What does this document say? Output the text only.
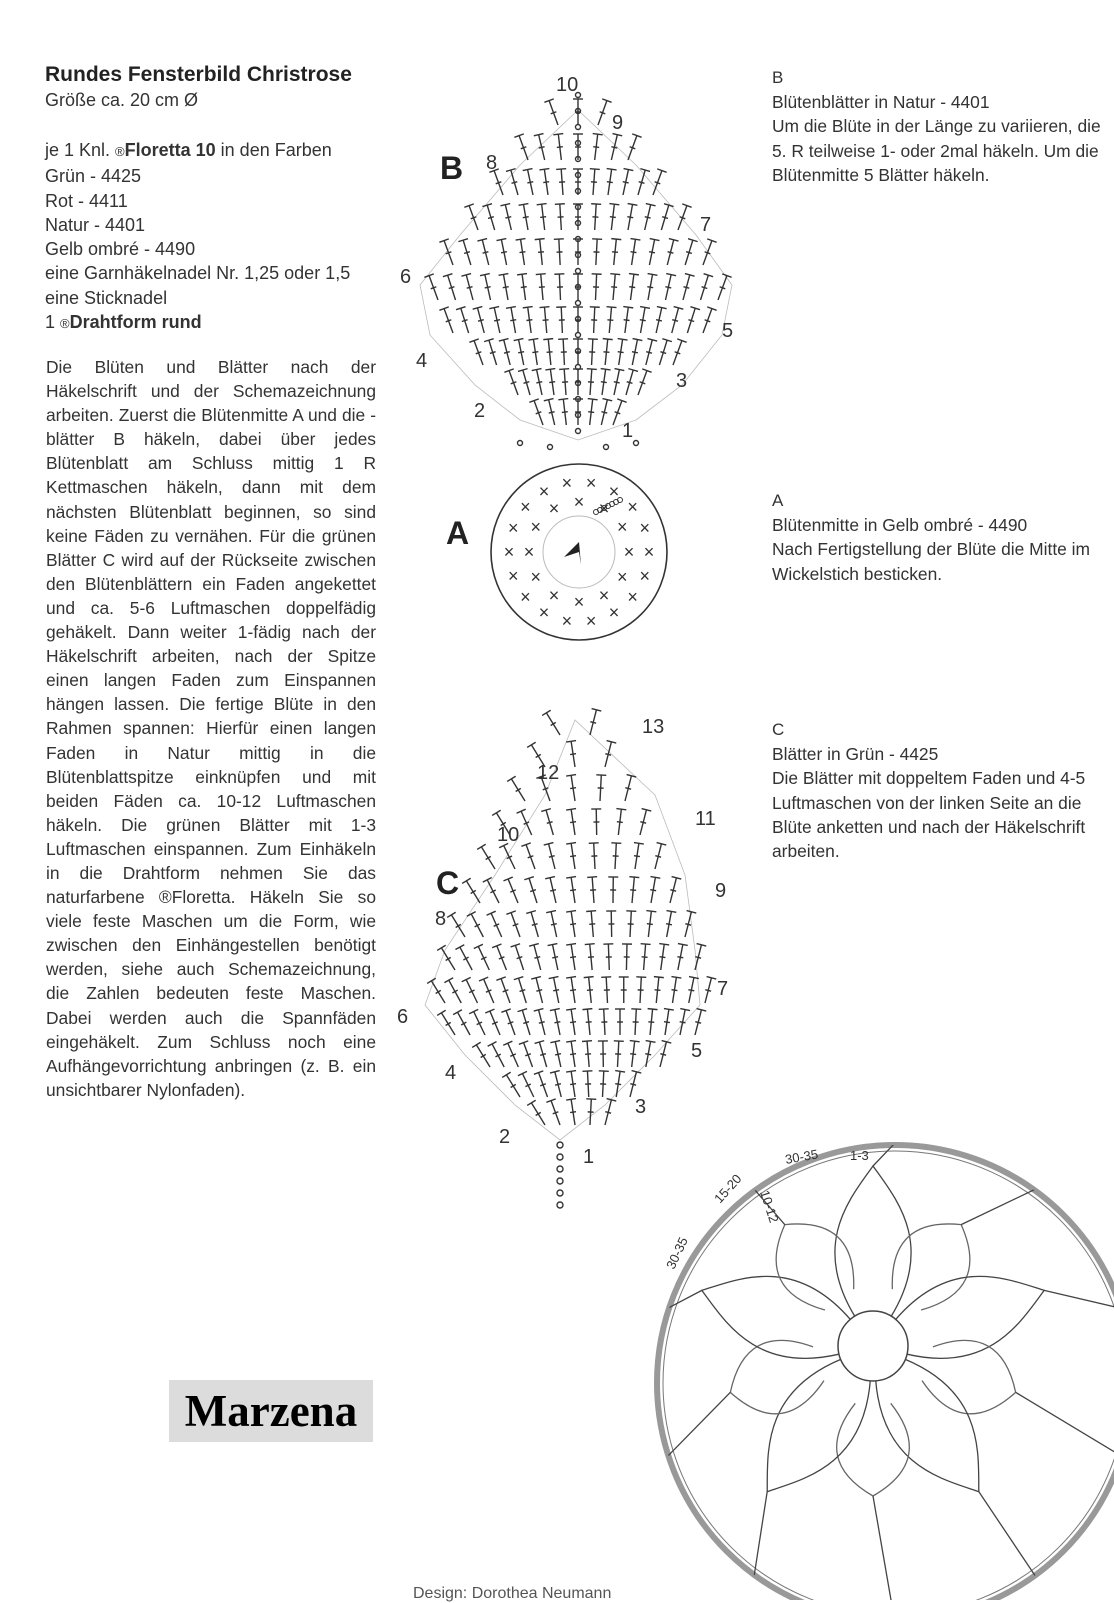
Rundes Fensterbild Christrose
Größe ca. 20 cm Ø
je 1 Knl. ®Floretta 10 in den Farben
Grün - 4425
Rot - 4411
Natur - 4401
Gelb ombré - 4490
eine Garnhäkelnadel Nr. 1,25 oder 1,5
eine Sticknadel
1 ®Drahtform rund
Die Blüten und Blätter nach der Häkelschrift und der Schemazeichnung arbeiten. Zuerst die Blütenmitte A und die -blätter B häkeln, dabei über jedes Blütenblatt am Schluss mittig 1 R Kettmaschen häkeln, dann mit dem nächsten Blütenblatt beginnen, so sind keine Fäden zu vernähen. Für die grünen Blätter C wird auf der Rückseite zwischen den Blütenblättern ein Faden angekettet und ca. 5-6 Luftmaschen doppelfädig gehäkelt. Dann weiter 1-fädig nach der Häkelschrift arbeiten, nach der Spitze einen langen Faden zum Einspannen hängen lassen. Die fertige Blüte in den Rahmen spannen: Hierfür einen langen Faden in Natur mittig in die Blütenblattspitze einknüpfen und mit beiden Fäden ca. 10-12 Luftmaschen häkeln. Die grünen Blätter mit 1-3 Luftmaschen einspannen. Zum Einhäkeln in die Drahtform nehmen Sie das naturfarbene ®Floretta. Häkeln Sie so viele feste Maschen um die Form, wie zwischen den Einhängestellen benötigt werden, siehe auch Schemazeichnung, die Zahlen bedeuten feste Maschen. Dabei werden auch die Spannfäden eingehäkelt. Zum Schluss noch eine Aufhängevorrichtung anbringen (z. B. ein unsichtbarer Nylonfaden).
B
A
C
B
Blütenblätter in Natur - 4401
Um die Blüte in der Länge zu variieren, die 5. R teilweise 1- oder 2mal häkeln. Um die Blütenmitte 5 Blätter häkeln.
A
Blütenmitte in Gelb ombré - 4490
Nach Fertigstellung der Blüte die Mitte im Wickelstich besticken.
C
Blätter in Grün - 4425
Die Blätter mit doppeltem Faden und 4-5 Luftmaschen von der linken Seite an die Blüte anketten und nach der Häkelschrift arbeiten.
10
9
8
7
6
5
4
3
2
1
×
×
×
×
×
×
×
×
× × ×
×
×
×
×
×
×
×
×
×
×
×
×
×
× × × ×
×
×
13
12
11
10
9
8
7
6
5
4
3
2
1	1-3
30-35
15-20 10-12
30-35
Marzena
Design: Dorothea Neumann
